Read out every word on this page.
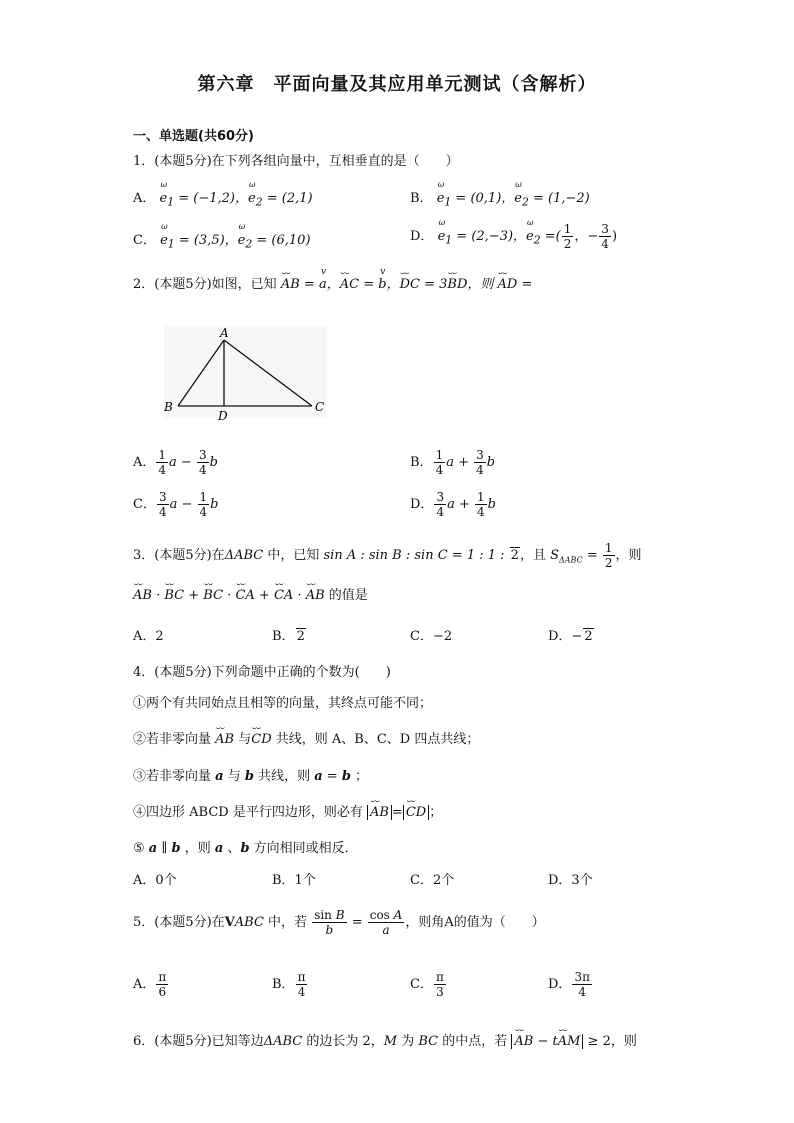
第六章　平面向量及其应用单元测试（含解析）
一、单选题(共60分)
1．(本题5分)在下列各组向量中，互相垂直的是（　　）
A． ω $e_1 = (-1,2)$，ω $e_2 = (2,1)$	B． ω $e_1 = (0,1)$，ω $e_2 = (1,-2)$
C． ω $e_1 = (3,5)$，ω $e_2 = (6,10)$	D． ω $e_1 = (2,-3)$，ω $e_2$ =( $\frac{1}{2}$ ，− $\frac{3}{4}$ )
2．(本题5分)如图，已知 ⌣⌣ AB = v a，⌣⌣ AC = v b，⌣⌣ DC = 3⌣⌣ BD，则 ⌣⌣ AD =
A
B	C
D
A． $\frac{1}{4}$ $a - \frac{3}{4}$ b	B． $\frac{1}{4}$ $a + \frac{3}{4}$ b
C． $\frac{3}{4}$ $a - \frac{1}{4}$ b	D． $\frac{3}{4}$ $a + \frac{1}{4}$ b
3．(本题5分)在ΔABC 中，已知 sin A : sin B : sin C = 1 : 1 : 2，且 $S_{\Delta ABC} = \frac{1}{2}$ ，则
⌣⌣ AB · ⌣⌣ BC + ⌣⌣ BC · ⌣⌣ CA + ⌣⌣ CA · ⌣⌣ AB 的值是
A．2	B． 2	C．−2	D．− 2
4．(本题5分)下列命题中正确的个数为(　　)
①两个有共同始点且相等的向量，其终点可能不同；
②若非零向量 ⌣⌣ AB 与⌣⌣ CD 共线，则 A、B、C、D 四点共线；
③若非零向量 a 与 b 共线，则 a = b ；
④四边形 ABCD 是平行四边形，则必有 ⌣⌣ AB = ⌣⌣ CD ；
⑤ a ∥ b ，则 a 、b 方向相同或相反．
A．0个	B．1个	C．2个	D．3个
5．(本题5分)在VABC 中，若 $\frac{\text{sin B}}{b} = \frac{\text{cos A}}{a}$ ，则角A的值为（　　）
A． $\frac{\pi}{6}$	B． $\frac{\pi}{4}$	C． $\frac{\pi}{3}$	D． $\frac{3\pi}{4}$
6．(本题5分)已知等边ΔABC 的边长为 2，M 为 BC 的中点，若 ⌣⌣ AB − t⌣⌣ AM ≥ 2，则
